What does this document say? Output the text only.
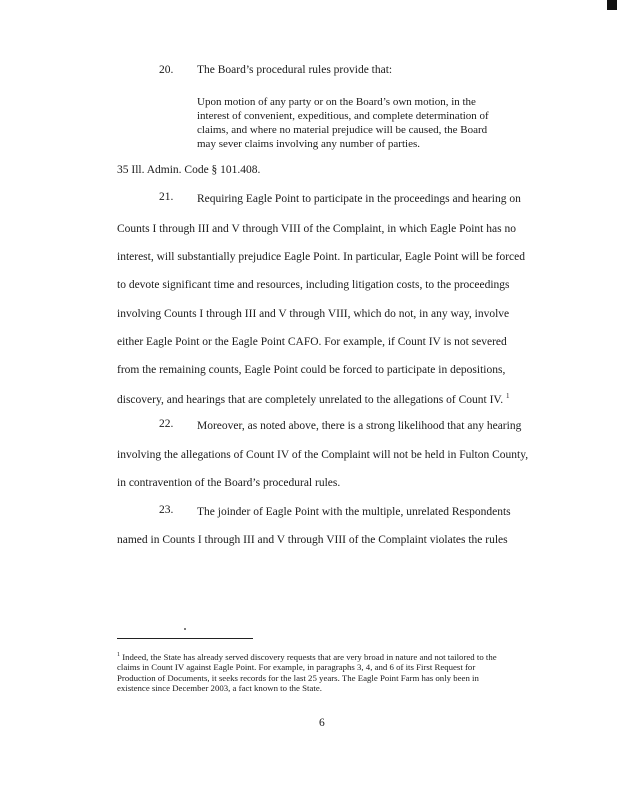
20. The Board’s procedural rules provide that:
Upon motion of any party or on the Board’s own motion, in the
interest of convenient, expeditious, and complete determination of
claims, and where no material prejudice will be caused, the Board
may sever claims involving any number of parties.
35 Ill. Admin. Code § 101.408.
21. Requiring Eagle Point to participate in the proceedings and hearing on
Counts I through III and V through VIII of the Complaint, in which Eagle Point has no
interest, will substantially prejudice Eagle Point. In particular, Eagle Point will be forced
to devote significant time and resources, including litigation costs, to the proceedings
involving Counts I through III and V through VIII, which do not, in any way, involve
either Eagle Point or the Eagle Point CAFO. For example, if Count IV is not severed
from the remaining counts, Eagle Point could be forced to participate in depositions,
discovery, and hearings that are completely unrelated to the allegations of Count IV. $^1$
22. Moreover, as noted above, there is a strong likelihood that any hearing
involving the allegations of Count IV of the Complaint will not be held in Fulton County,
in contravention of the Board’s procedural rules.
23. The joinder of Eagle Point with the multiple, unrelated Respondents
named in Counts I through III and V through VIII of the Complaint violates the rules
$^1$ Indeed, the State has already served discovery requests that are very broad in nature and not tailored to the
claims in Count IV against Eagle Point. For example, in paragraphs 3, 4, and 6 of its First Request for
Production of Documents, it seeks records for the last 25 years. The Eagle Point Farm has only been in
existence since December 2003, a fact known to the State.
6
